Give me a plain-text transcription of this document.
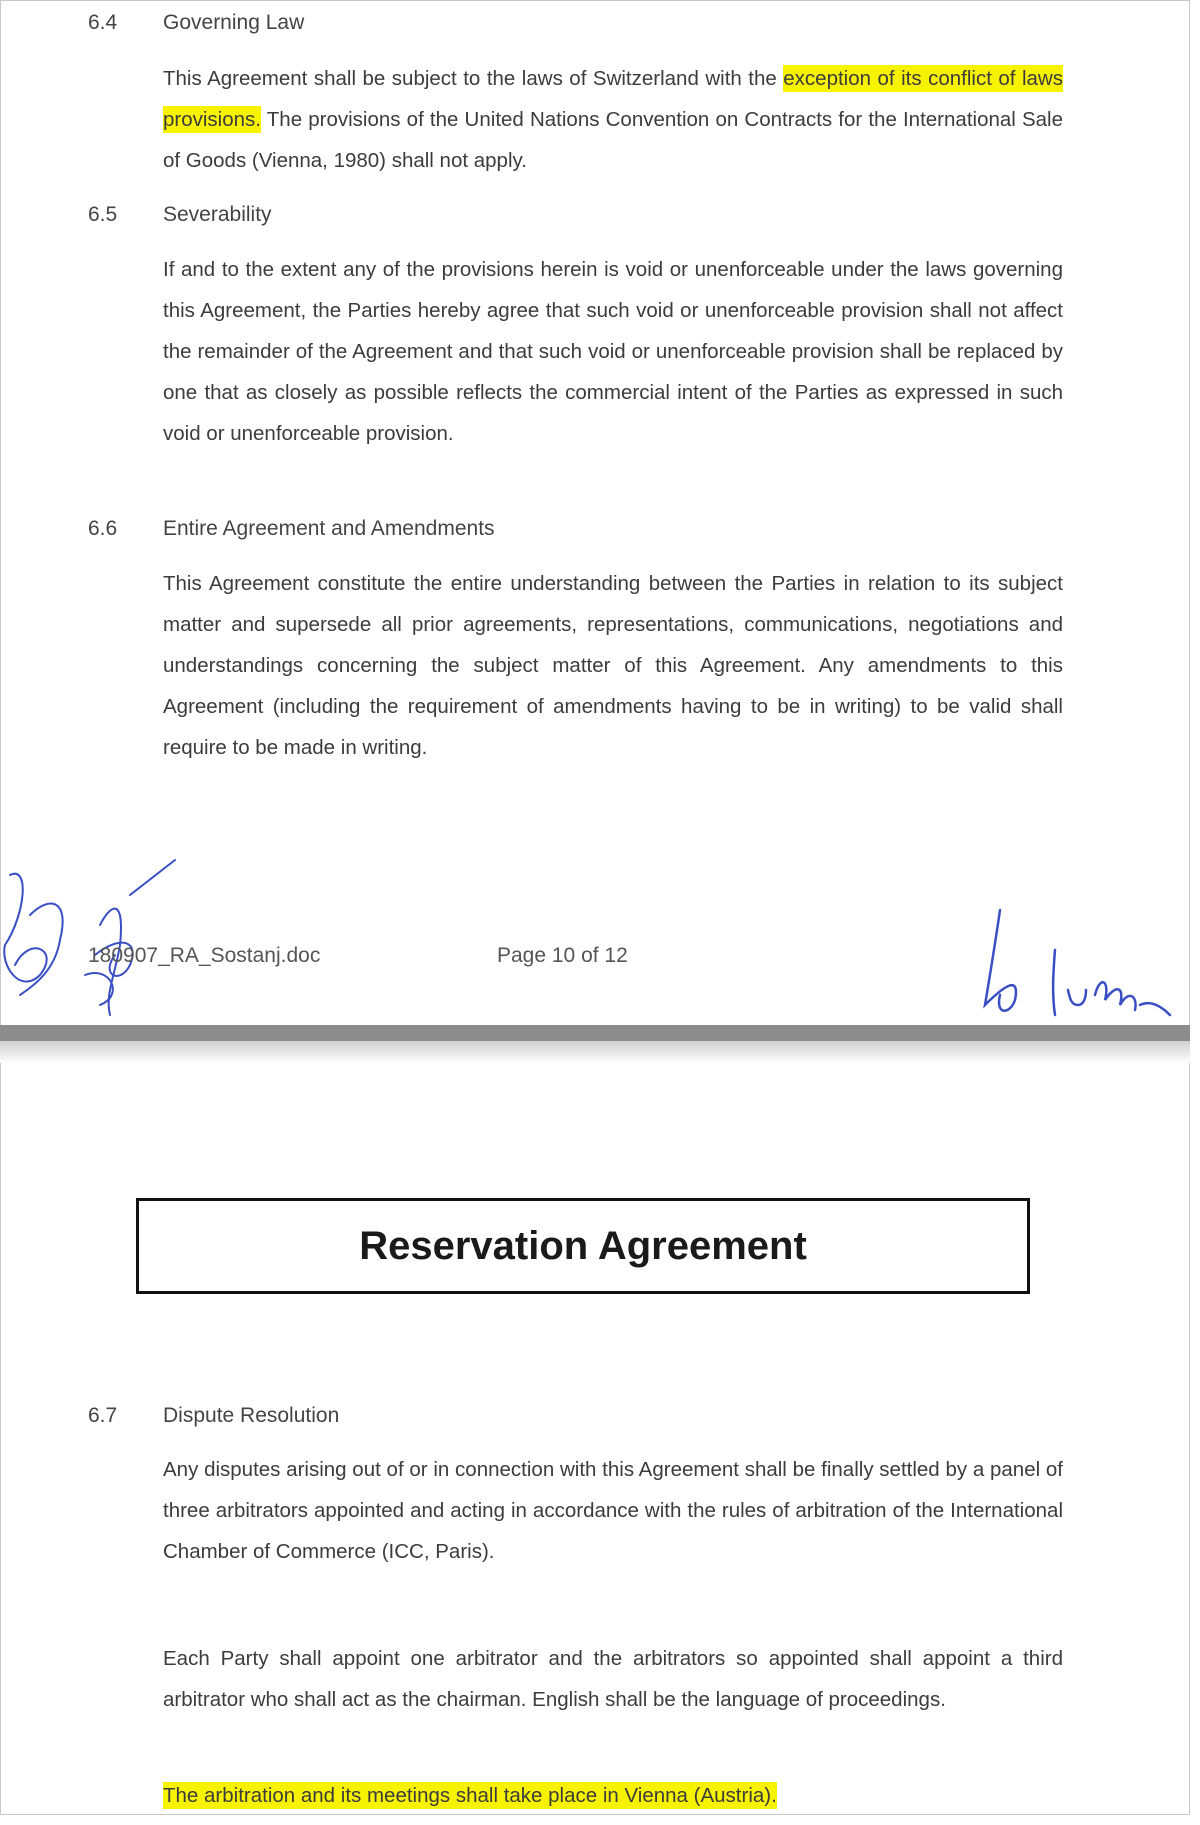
6.4 Governing Law
This Agreement shall be subject to the laws of Switzerland with the exception of its conflict of laws provisions. The provisions of the United Nations Convention on Contracts for the International Sale of Goods (Vienna, 1980) shall not apply.
6.5 Severability
If and to the extent any of the provisions herein is void or unenforceable under the laws governing this Agreement, the Parties hereby agree that such void or unenforceable provision shall not affect the remainder of the Agreement and that such void or unenforceable provision shall be replaced by one that as closely as possible reflects the commercial intent of the Parties as expressed in such void or unenforceable provision.
6.6 Entire Agreement and Amendments
This Agreement constitute the entire understanding between the Parties in relation to its subject matter and supersede all prior agreements, representations, communications, negotiations and understandings concerning the subject matter of this Agreement. Any amendments to this Agreement (including the requirement of amendments having to be in writing) to be valid shall require to be made in writing.
180907_RA_Sostanj.doc	Page 10 of 12
Reservation Agreement
6.7 Dispute Resolution
Any disputes arising out of or in connection with this Agreement shall be finally settled by a panel of three arbitrators appointed and acting in accordance with the rules of arbitration of the International Chamber of Commerce (ICC, Paris).
Each Party shall appoint one arbitrator and the arbitrators so appointed shall appoint a third arbitrator who shall act as the chairman. English shall be the language of proceedings.
The arbitration and its meetings shall take place in Vienna (Austria).
